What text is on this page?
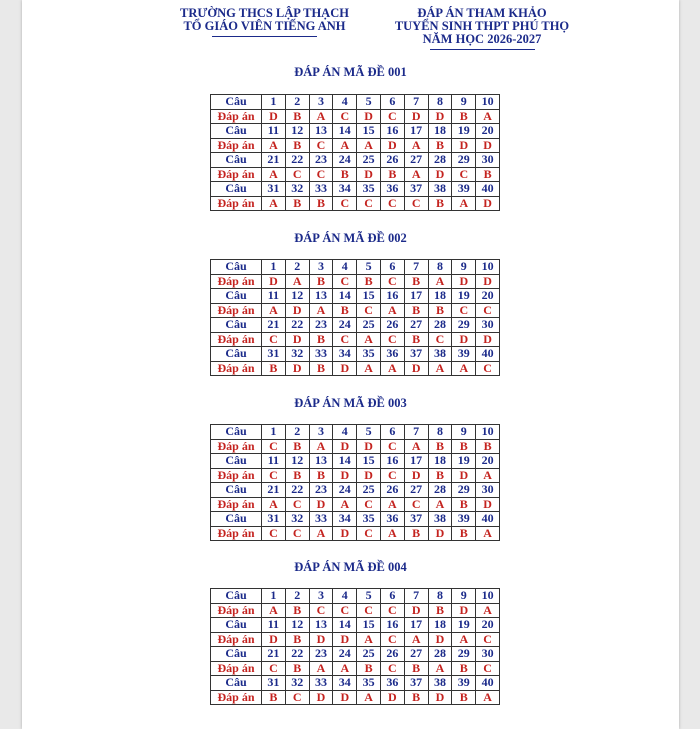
TRƯỜNG THCS LẬP THẠCH
TỔ GIÁO VIÊN TIẾNG ANH
ĐÁP ÁN THAM KHẢO
TUYỂN SINH THPT PHÚ THỌ
NĂM HỌC 2026-2027
ĐÁP ÁN MÃ ĐỀ 001
Câu	1	2	3	4	5	6	7	8	9	10
Đáp án	D	B	A	C	D	C	D	D	B	A
Câu	11	12	13	14	15	16	17	18	19	20
Đáp án	A	B	C	A	A	D	A	B	D	D
Câu	21	22	23	24	25	26	27	28	29	30
Đáp án	A	C	C	B	D	B	A	D	C	B
Câu	31	32	33	34	35	36	37	38	39	40
Đáp án	A	B	B	C	C	C	C	B	A	D
ĐÁP ÁN MÃ ĐỀ 002
Câu	1	2	3	4	5	6	7	8	9	10
Đáp án	D	A	B	C	B	C	B	A	D	D
Câu	11	12	13	14	15	16	17	18	19	20
Đáp án	A	D	A	B	C	A	B	B	C	C
Câu	21	22	23	24	25	26	27	28	29	30
Đáp án	C	D	B	C	A	C	B	C	D	D
Câu	31	32	33	34	35	36	37	38	39	40
Đáp án	B	D	B	D	A	A	D	A	A	C
ĐÁP ÁN MÃ ĐỀ 003
Câu	1	2	3	4	5	6	7	8	9	10
Đáp án	C	B	A	D	D	C	A	B	B	B
Câu	11	12	13	14	15	16	17	18	19	20
Đáp án	C	B	B	D	D	C	D	B	D	A
Câu	21	22	23	24	25	26	27	28	29	30
Đáp án	A	C	D	A	C	A	C	A	B	D
Câu	31	32	33	34	35	36	37	38	39	40
Đáp án	C	C	A	D	C	A	B	D	B	A
ĐÁP ÁN MÃ ĐỀ 004
Câu	1	2	3	4	5	6	7	8	9	10
Đáp án	A	B	C	C	C	C	D	B	D	A
Câu	11	12	13	14	15	16	17	18	19	20
Đáp án	D	B	D	D	A	C	A	D	A	C
Câu	21	22	23	24	25	26	27	28	29	30
Đáp án	C	B	A	A	B	C	B	A	B	C
Câu	31	32	33	34	35	36	37	38	39	40
Đáp án	B	C	D	D	A	D	B	D	B	A
